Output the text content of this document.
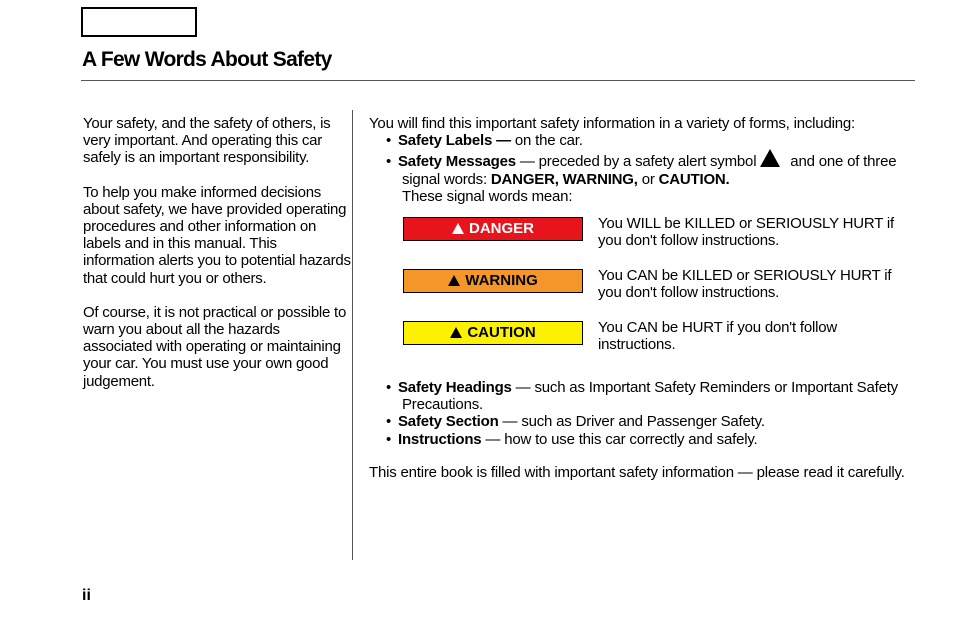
A Few Words About Safety

Your safety, and the safety of others, is very important. And operating this car safely is an important responsibility.

To help you make informed decisions about safety, we have provided operating procedures and other information on labels and in this manual. This information alerts you to potential hazards that could hurt you or others.

Of course, it is not practical or possible to warn you about all the hazards associated with operating or maintaining your car. You must use your own good judgement.

You will find this important safety information in a variety of forms, including:

• Safety Labels — on the car.
• Safety Messages — preceded by a safety alert symbol! and one of three signal words: DANGER, WARNING, or CAUTION.
These signal words mean:
DANGER	You WILL be KILLED or SERIOUSLY HURT if you don't follow instructions.
WARNING	You CAN be KILLED or SERIOUSLY HURT if you don't follow instructions.
CAUTION	You CAN be HURT if you don't follow instructions.
• Safety Headings — such as Important Safety Reminders or Important Safety Precautions.
• Safety Section — such as Driver and Passenger Safety.
• Instructions — how to use this car correctly and safely.

This entire book is filled with important safety information — please read it carefully.

ii
